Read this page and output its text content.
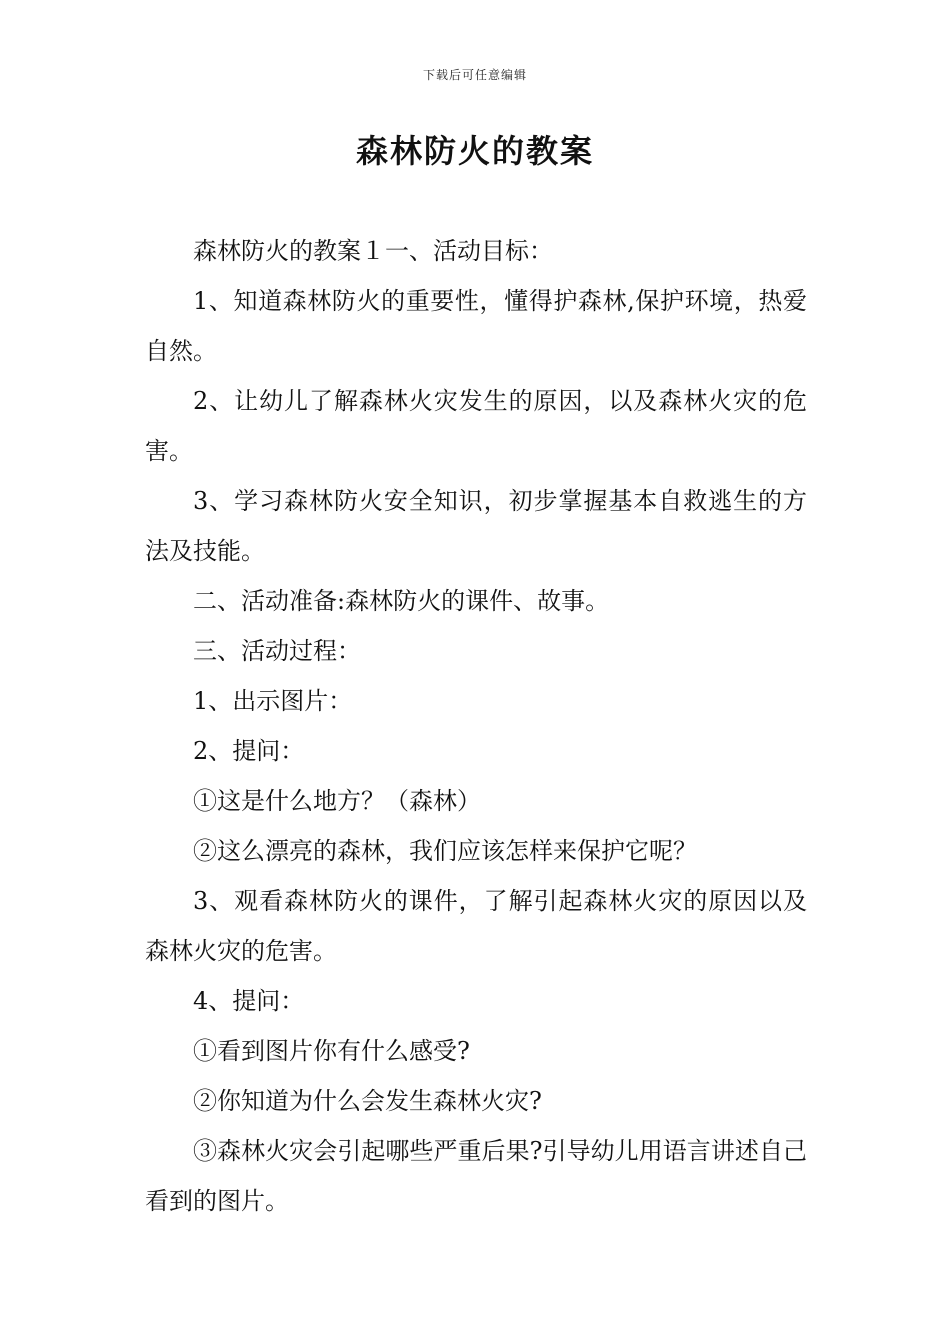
下载后可任意编辑
森林防火的教案

森林防火的教案１一、活动目标：

1、知道森林防火的重要性，懂得护森林,保护环境，热爱自然。

2、让幼儿了解森林火灾发生的原因，以及森林火灾的危害。

3、学习森林防火安全知识，初步掌握基本自救逃生的方法及技能。

二、活动准备:森林防火的课件、故事。

三、活动过程：

1、出示图片：

2、提问：

①这是什么地方？（森林）

②这么漂亮的森林，我们应该怎样来保护它呢？

3、观看森林防火的课件，了解引起森林火灾的原因以及森林火灾的危害。

4、提问：

①看到图片你有什么感受?

②你知道为什么会发生森林火灾?

③森林火灾会引起哪些严重后果?引导幼儿用语言讲述自己看到的图片。
